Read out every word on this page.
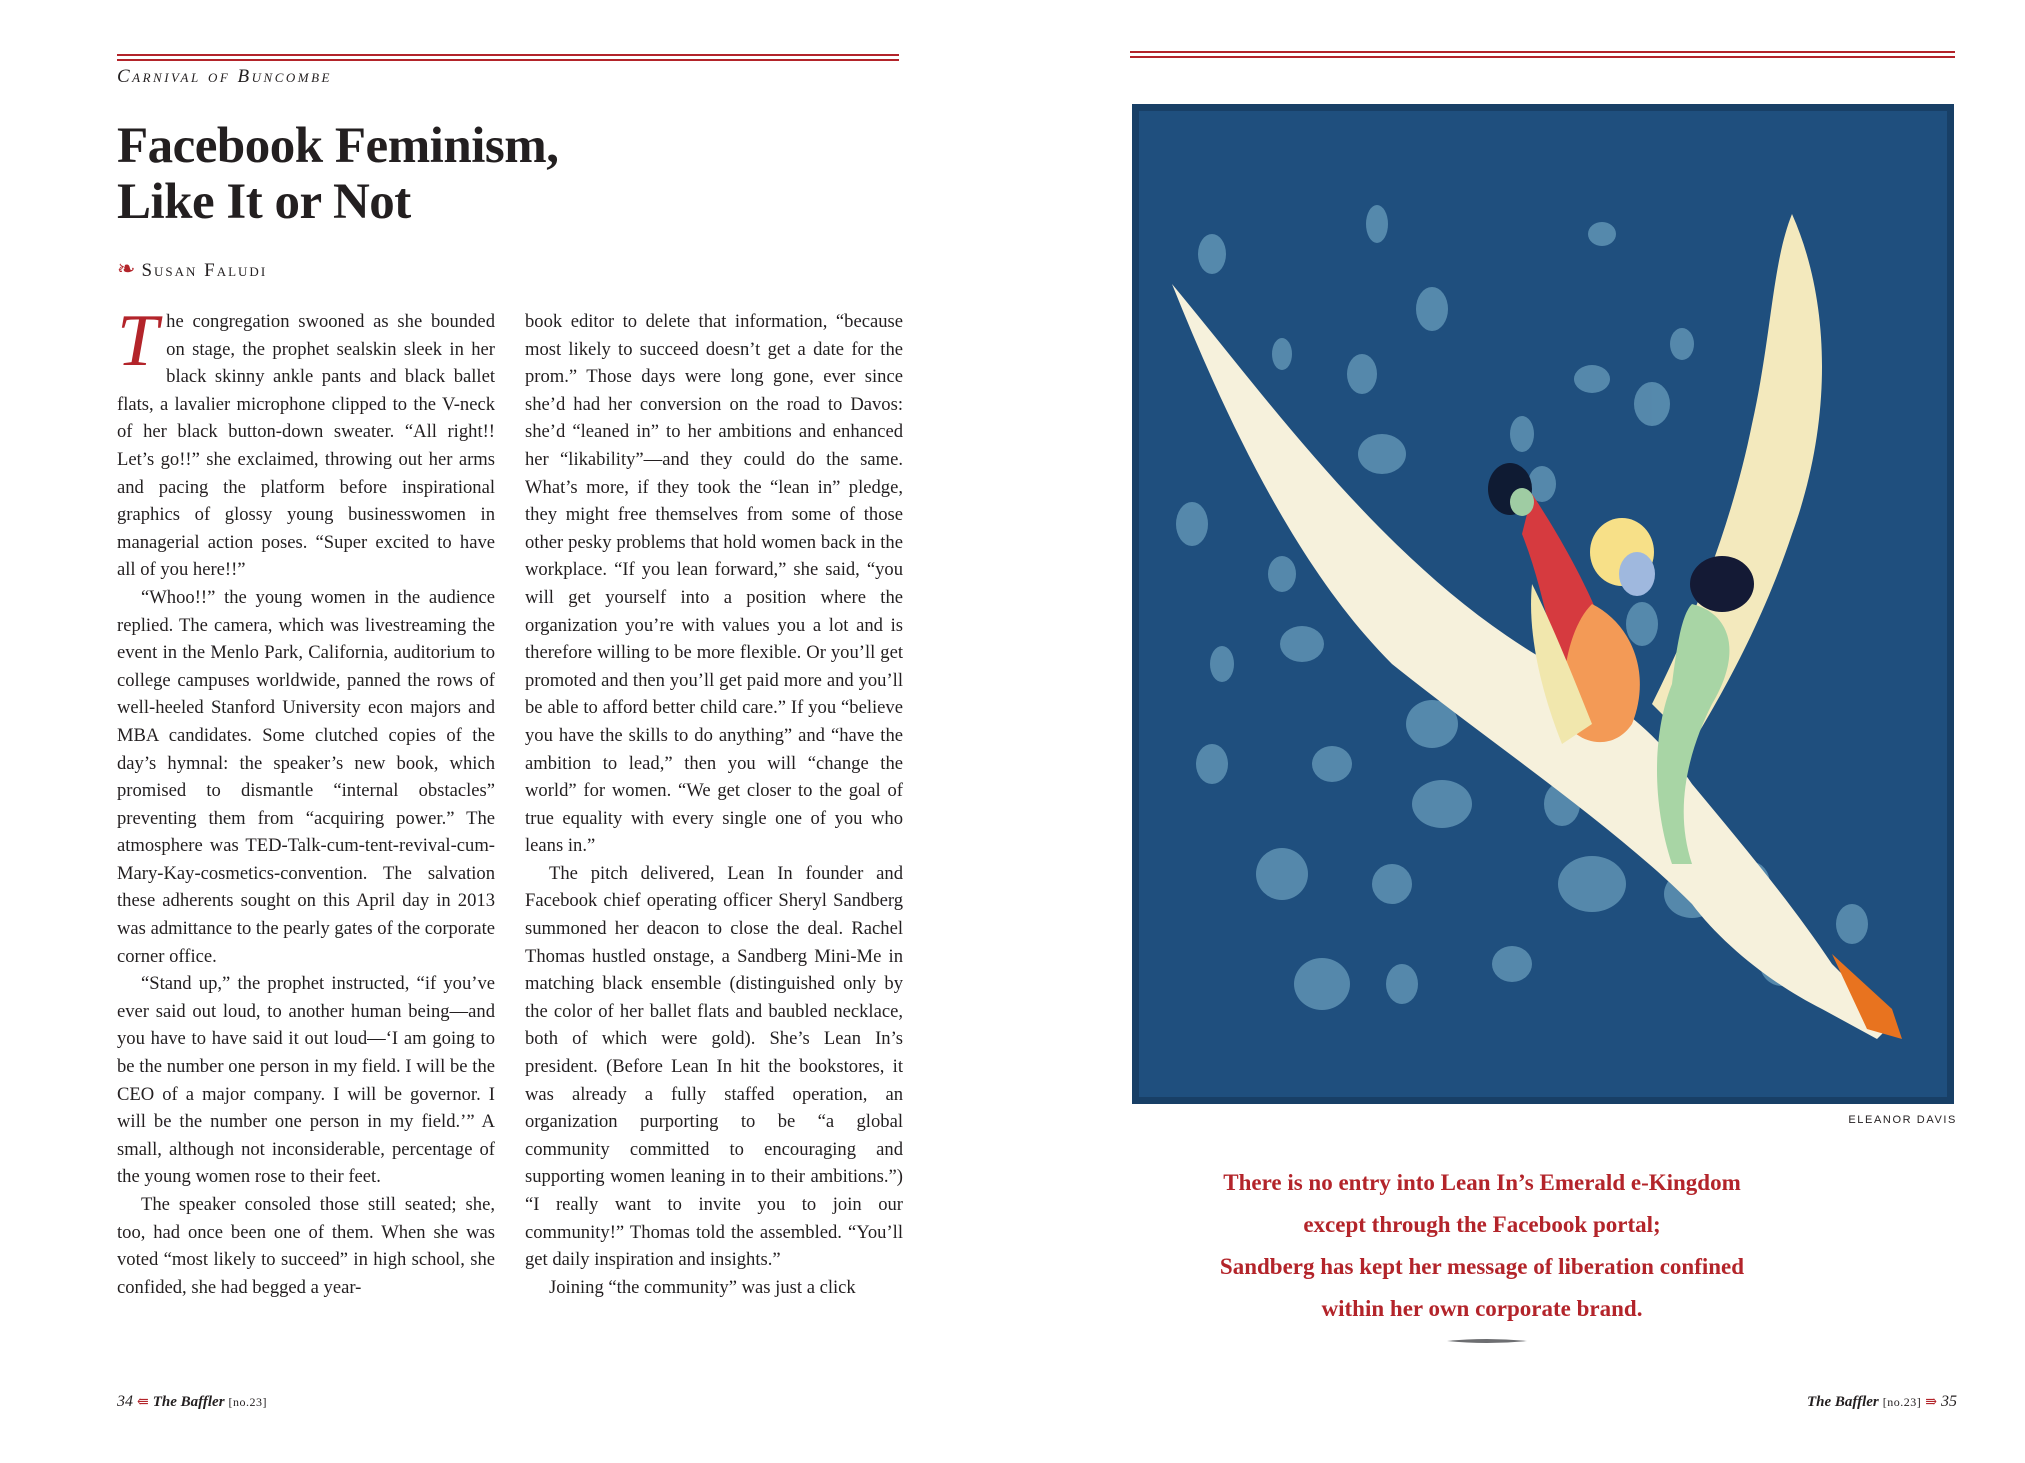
Carnival of Buncombe
Facebook Feminism,
Like It or Not
❧ Susan Faludi

The congregation swooned as she bounded on stage, the prophet sealskin sleek in her black skinny ankle pants and black ballet flats, a lavalier microphone clipped to the V-neck of her black button-down sweater. “All right!! Let’s go!!” she exclaimed, throwing out her arms and pacing the platform before inspirational graphics of glossy young businesswomen in managerial action poses. “Super excited to have all of you here!!”

“Whoo!!” the young women in the audience replied. The camera, which was livestreaming the event in the Menlo Park, California, auditorium to college campuses worldwide, panned the rows of well-heeled Stanford University econ majors and MBA candidates. Some clutched copies of the day’s hymnal: the speaker’s new book, which promised to dismantle “internal obstacles” preventing them from “acquiring power.” The atmosphere was TED-Talk-cum-tent-revival-cum-Mary-Kay-cosmetics-convention. The salvation these adherents sought on this April day in 2013 was admittance to the pearly gates of the corporate corner office.

“Stand up,” the prophet instructed, “if you’ve ever said out loud, to another human being—and you have to have said it out loud—‘I am going to be the number one person in my field. I will be the CEO of a major company. I will be governor. I will be the number one person in my field.’” A small, although not inconsiderable, percentage of the young women rose to their feet.

The speaker consoled those still seated; she, too, had once been one of them. When she was voted “most likely to succeed” in high school, she confided, she had begged a year-

book editor to delete that information, “because most likely to succeed doesn’t get a date for the prom.” Those days were long gone, ever since she’d had her conversion on the road to Davos: she’d “leaned in” to her ambitions and enhanced her “likability”—and they could do the same. What’s more, if they took the “lean in” pledge, they might free themselves from some of those other pesky problems that hold women back in the workplace. “If you lean forward,” she said, “you will get yourself into a position where the organization you’re with values you a lot and is therefore willing to be more flexible. Or you’ll get promoted and then you’ll get paid more and you’ll be able to afford better child care.” If you “believe you have the skills to do anything” and “have the ambition to lead,” then you will “change the world” for women. “We get closer to the goal of true equality with every single one of you who leans in.”

The pitch delivered, Lean In founder and Facebook chief operating officer Sheryl Sandberg summoned her deacon to close the deal. Rachel Thomas hustled onstage, a Sandberg Mini-Me in matching black ensemble (distinguished only by the color of her ballet flats and baubled necklace, both of which were gold). She’s Lean In’s president. (Before Lean In hit the bookstores, it was already a fully staffed operation, an organization purporting to be “a global community committed to encouraging and supporting women leaning in to their ambitions.”) “I really want to invite you to join our community!” Thomas told the assembled. “You’ll get daily inspiration and insights.”

Joining “the community” was just a click

34 ⇚ The Baffler [no.23]
ELEANOR DAVIS
There is no entry into Lean In’s Emerald e-Kingdom
except through the Facebook portal;
Sandberg has kept her message of liberation confined
within her own corporate brand.
The Baffler [no.23] ⇛ 35
